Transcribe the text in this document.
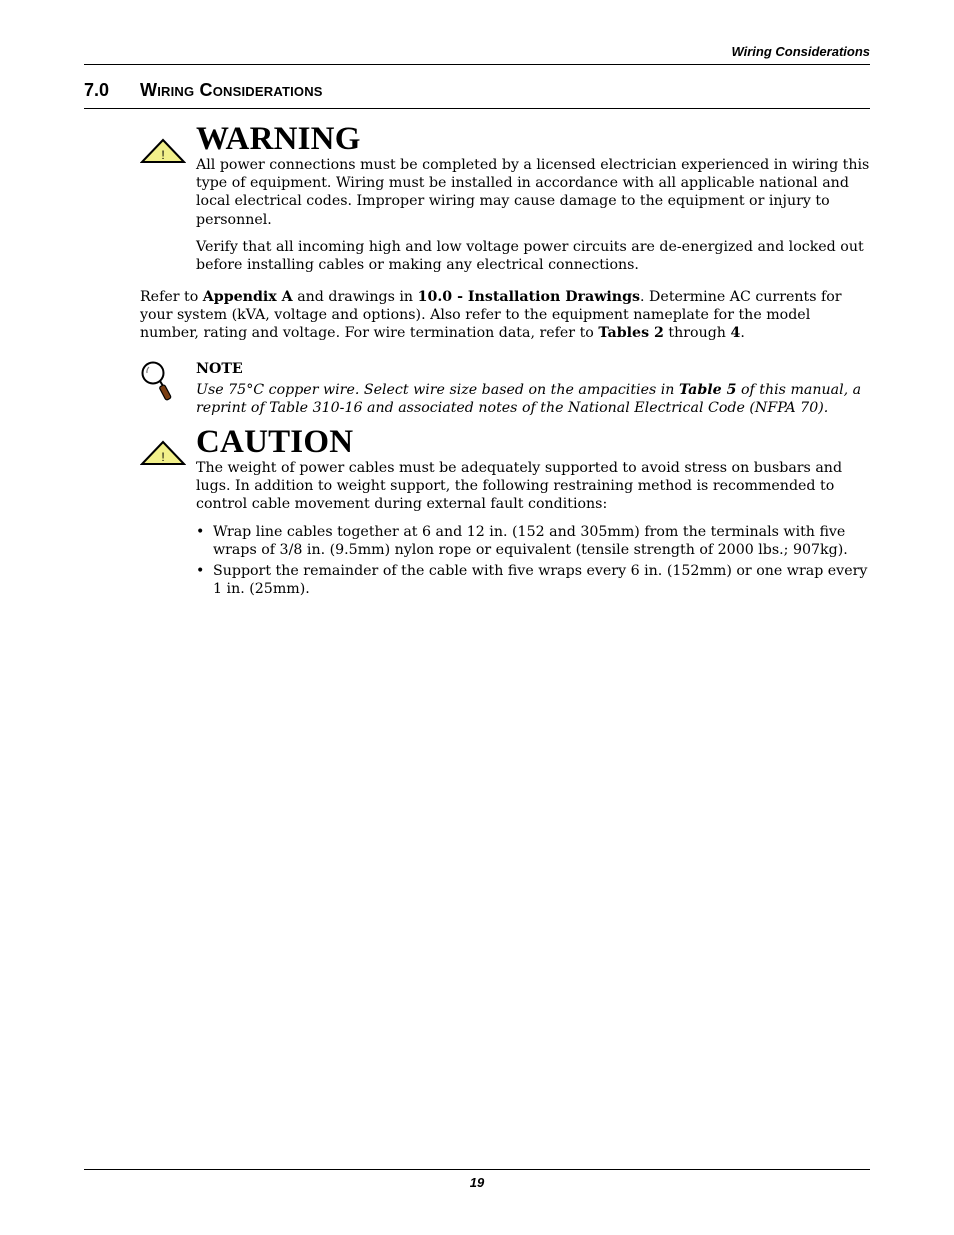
Wiring Considerations
7.0 Wiring Considerations
! WARNING

All power connections must be completed by a licensed electrician experienced in wiring this type of equipment. Wiring must be installed in accordance with all applicable national and local electrical codes. Improper wiring may cause damage to the equipment or injury to personnel.

Verify that all incoming high and low voltage power circuits are de-energized and locked out before installing cables or making any electrical connections.

Refer to Appendix A and drawings in 10.0 - Installation Drawings. Determine AC currents for your system (kVA, voltage and options). Also refer to the equipment nameplate for the model number, rating and voltage. For wire termination data, refer to Tables 2 through 4.

NOTE

Use 75°C copper wire. Select wire size based on the ampacities in Table 5 of this manual, a reprint of Table 310-16 and associated notes of the National Electrical Code (NFPA 70).

! CAUTION

The weight of power cables must be adequately supported to avoid stress on busbars and lugs. In addition to weight support, the following restraining method is recommended to control cable movement during external fault conditions:

• Wrap line cables together at 6 and 12 in. (152 and 305mm) from the terminals with five wraps of 3/8 in. (9.5mm) nylon rope or equivalent (tensile strength of 2000 lbs.; 907kg).
• Support the remainder of the cable with five wraps every 6 in. (152mm) or one wrap every 1 in. (25mm).
19
